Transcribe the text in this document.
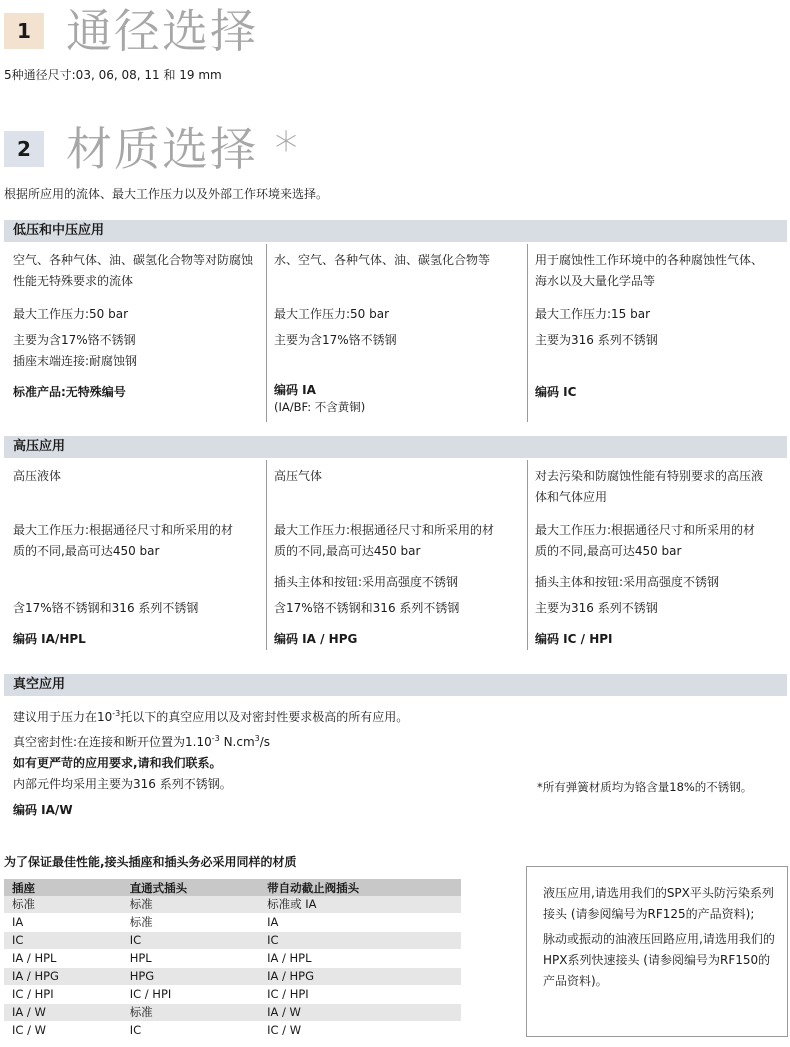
1 通径选择
5种通径尺寸:03, 06, 08, 11 和 19 mm
2 材质选择 *
根据所应用的流体、最大工作压力以及外部工作环境来选择。
低压和中压应用

空气、各种气体、油、碳氢化合物等对防腐蚀

性能无特殊要求的流体

最大工作压力:50 bar

主要为含17%铬不锈钢

插座末端连接:耐腐蚀钢

标准产品:无特殊编号

水、空气、各种气体、油、碳氢化合物等

最大工作压力:50 bar

主要为含17%铬不锈钢

编码 IA

(IA/BF: 不含黄铜)

用于腐蚀性工作环境中的各种腐蚀性气体、

海水以及大量化学品等

最大工作压力:15 bar

主要为316 系列不锈钢

编码 IC

高压应用

高压液体

最大工作压力:根据通径尺寸和所采用的材

质的不同,最高可达450 bar

含17%铬不锈钢和316 系列不锈钢

编码 IA/HPL

高压气体

最大工作压力:根据通径尺寸和所采用的材

质的不同,最高可达450 bar

插头主体和按钮:采用高强度不锈钢

含17%铬不锈钢和316 系列不锈钢

编码 IA / HPG

对去污染和防腐蚀性能有特别要求的高压液

体和气体应用

最大工作压力:根据通径尺寸和所采用的材

质的不同,最高可达450 bar

插头主体和按钮:采用高强度不锈钢

主要为316 系列不锈钢

编码 IC / HPI

真空应用

建议用于压力在$10^{-3}$托以下的真空应用以及对密封性要求极高的所有应用。

真空密封性:在连接和断开位置为$1.10^{-3}$ $N.cm^3/s$

如有更严苛的应用要求,请和我们联系。

内部元件均采用主要为316 系列不锈钢。

编码 IA/W

*所有弹簧材质均为铬含量18%的不锈钢。
为了保证最佳性能,接头插座和插头务必采用同样的材质
插座	直通式插头	带自动截止阀插头
标准	标准	标准或 IA
IA	标准	IA
IC	IC	IC
IA / HPL	HPL	IA / HPL
IA / HPG	HPG	IA / HPG
IC / HPI	IC / HPI	IC / HPI
IA / W	标准	IA / W
IC / W	IC	IC / W

液压应用,请选用我们的SPX平头防污染系列接头 (请参阅编号为RF125的产品资料);

脉动或振动的油液压回路应用,请选用我们的HPX系列快速接头 (请参阅编号为RF150的产品资料)。
